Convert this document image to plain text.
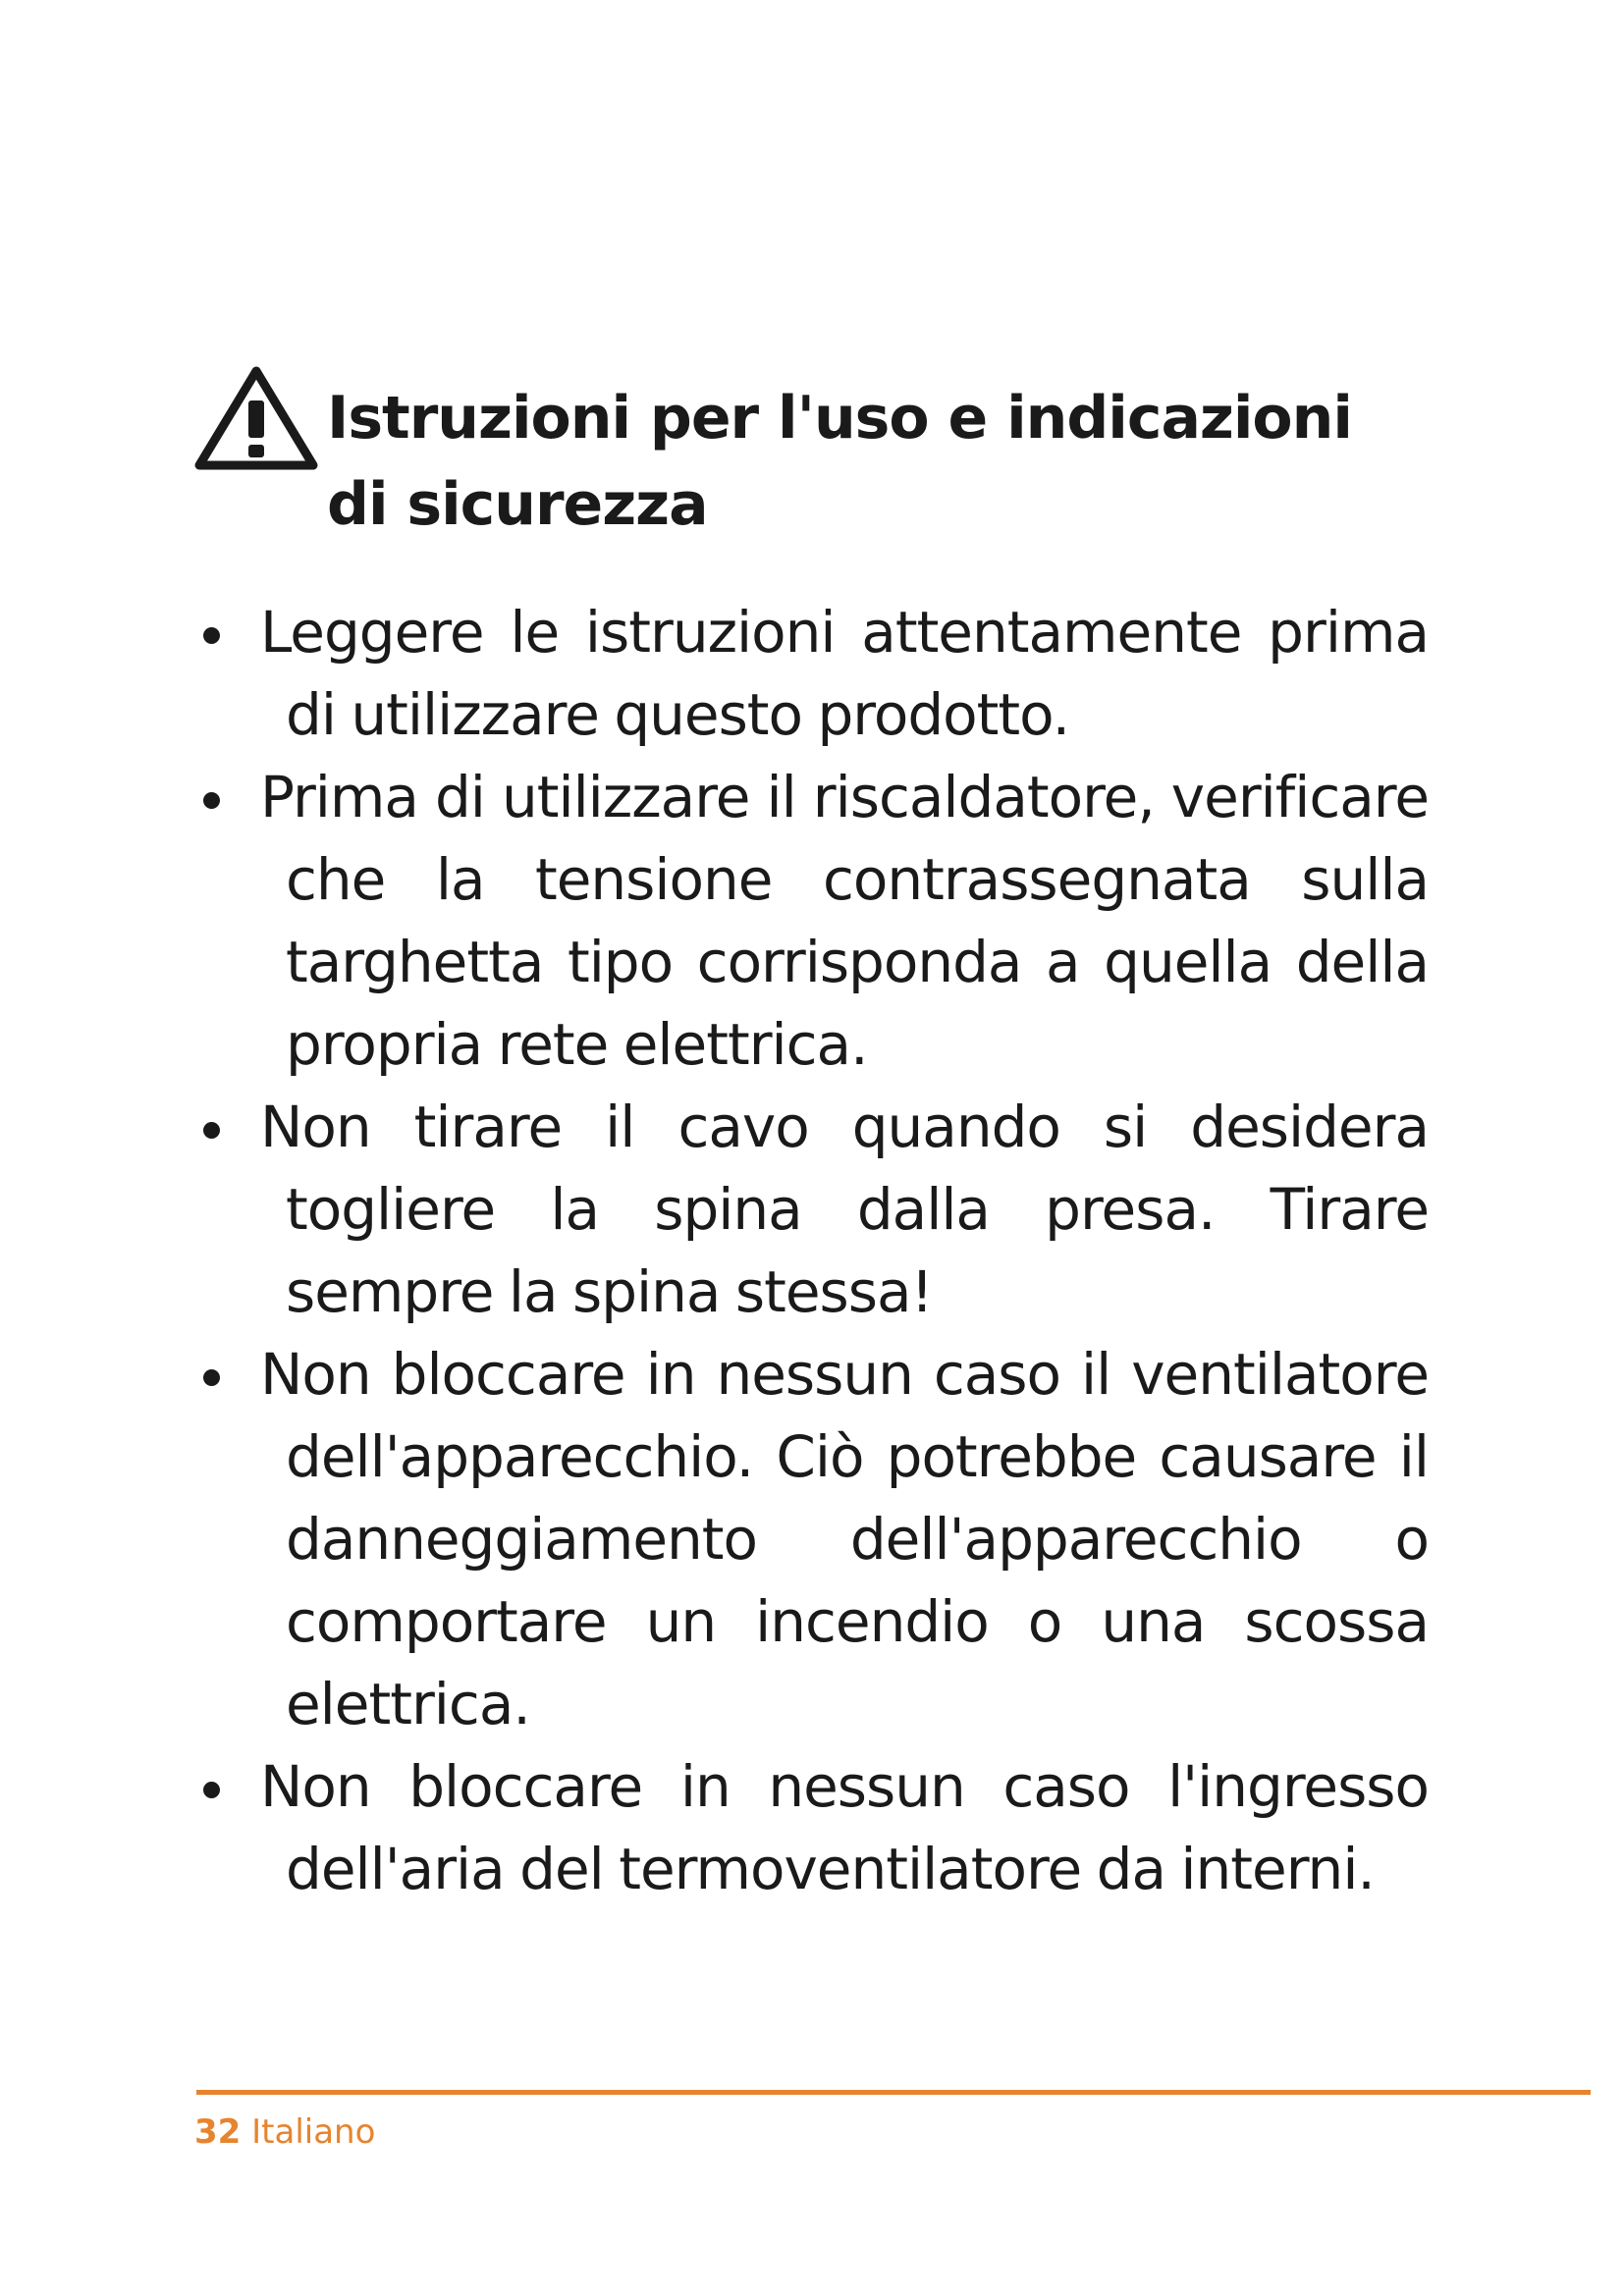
Istruzioni per l'uso e indicazioni di sicurezza
Leggere le istruzioni attentamente prima di utilizzare questo prodotto.
Prima di utilizzare il riscaldatore, verificare che la tensione contrassegnata sulla targhetta tipo corrisponda a quella della propria rete elettrica.
Non tirare il cavo quando si desidera togliere la spina dalla presa. Tirare sempre la spina stessa!
Non bloccare in nessun caso il ventilatore dell'apparecchio. Ciò potrebbe causare il danneggiamento dell'apparecchio o comportare un incendio o una scossa elettrica.
Non bloccare in nessun caso l'ingresso dell'aria del termoventilatore da interni.
32 Italiano
